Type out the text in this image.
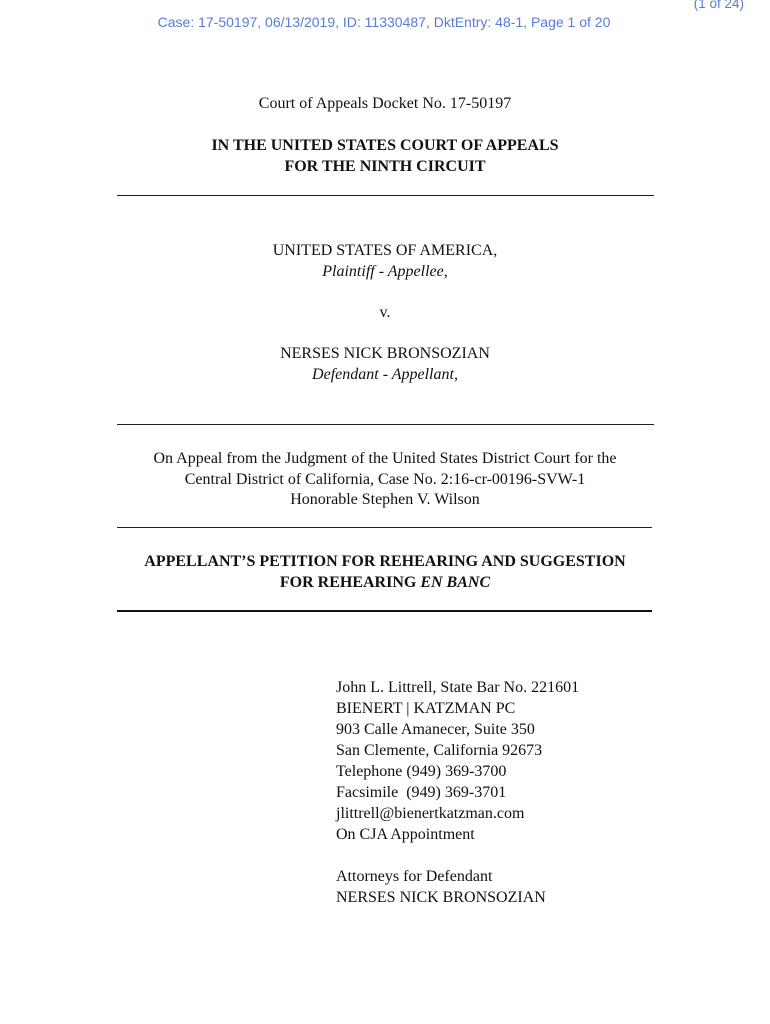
(1 of 24)
Case: 17-50197, 06/13/2019, ID: 11330487, DktEntry: 48-1, Page 1 of 20
Court of Appeals Docket No. 17-50197
IN THE UNITED STATES COURT OF APPEALS
FOR THE NINTH CIRCUIT
UNITED STATES OF AMERICA,
Plaintiff - Appellee,
v.
NERSES NICK BRONSOZIAN
Defendant - Appellant,
On Appeal from the Judgment of the United States District Court for the
Central District of California, Case No. 2:16-cr-00196-SVW-1
Honorable Stephen V. Wilson
APPELLANT’S PETITION FOR REHEARING AND SUGGESTION
FOR REHEARING EN BANC
John L. Littrell, State Bar No. 221601
BIENERT | KATZMAN PC
903 Calle Amanecer, Suite 350
San Clemente, California 92673
Telephone (949) 369-3700
Facsimile  (949) 369-3701
jlittrell@bienertkatzman.com
On CJA Appointment
Attorneys for Defendant
NERSES NICK BRONSOZIAN
